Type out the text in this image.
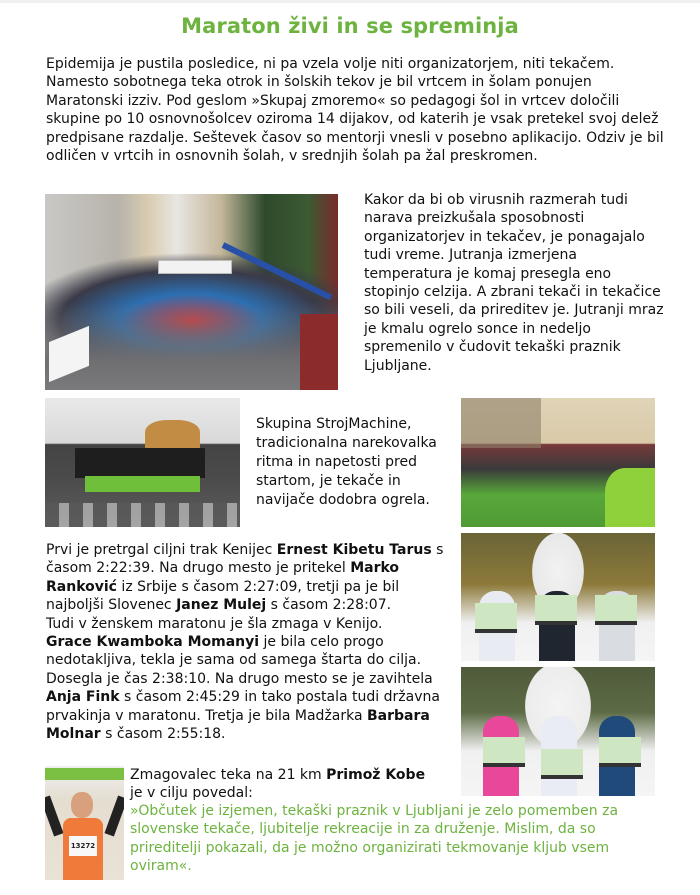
Maraton živi in se spreminja

Epidemija je pustila posledice, ni pa vzela volje niti organizatorjem, niti tekačem. Namesto sobotnega teka otrok in šolskih tekov je bil vrtcem in šolam ponujen Maratonski izziv. Pod geslom »Skupaj zmoremo« so pedagogi šol in vrtcev določili skupine po 10 osnovnošolcev oziroma 14 dijakov, od katerih je vsak pretekel svoj delež predpisane razdalje. Seštevek časov so mentorji vnesli v posebno aplikacijo. Odziv je bil odličen v vrtcih in osnovnih šolah, v srednjih šolah pa žal preskromen.

Kakor da bi ob virusnih razmerah tudi narava preizkušala sposobnosti organizatorjev in tekačev, je ponagajalo tudi vreme. Jutranja izmerjena temperatura je komaj presegla eno stopinjo celzija. A zbrani tekači in tekačice so bili veseli, da prireditev je. Jutranji mraz je kmalu ogrelo sonce in nedeljo spremenilo v čudovit tekaški praznik Ljubljane.

Skupina StrojMachine, tradicionalna narekovalka ritma in napetosti pred startom, je tekače in navijače dodobra ogrela.

Prvi je pretrgal ciljni trak Kenijec Ernest Kibetu Tarus s časom 2:22:39. Na drugo mesto je pritekel Marko Ranković iz Srbije s časom 2:27:09, tretji pa je bil najboljši Slovenec Janez Mulej s časom 2:28:07.
Tudi v ženskem maratonu je šla zmaga v Kenijo.
Grace Kwamboka Momanyi je bila celo progo nedotakljiva, tekla je sama od samega štarta do cilja. Dosegla je čas 2:38:10. Na drugo mesto se je zavihtela Anja Fink s časom 2:45:29 in tako postala tudi državna prvakinja v maratonu. Tretja je bila Madžarka Barbara Molnar s časom 2:55:18.

13272

Zmagovalec teka na 21 km Primož Kobe je v cilju povedal:

»Občutek je izjemen, tekaški praznik v Ljubljani je zelo pomemben za slovenske tekače, ljubitelje rekreacije in za druženje. Mislim, da so prireditelji pokazali, da je možno organizirati tekmovanje kljub vsem oviram«.
